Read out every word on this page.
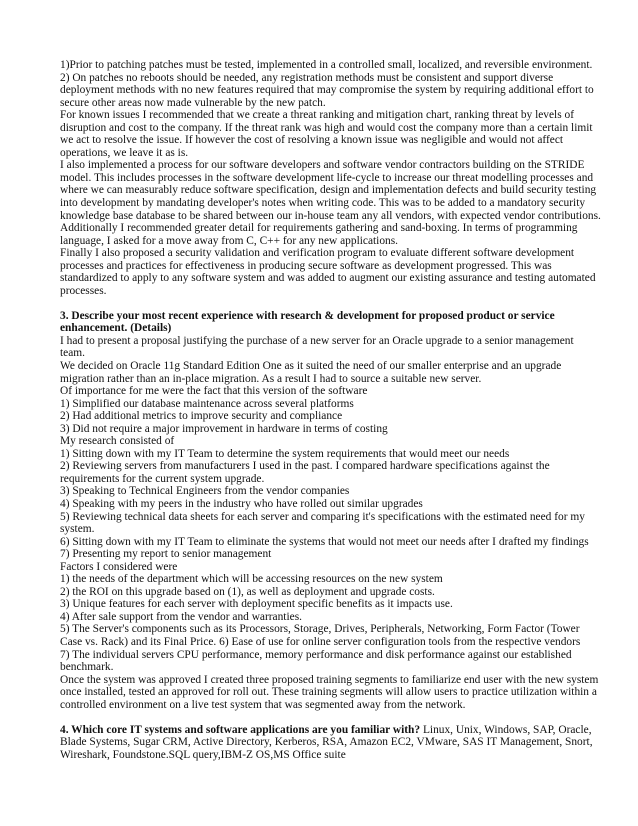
1)Prior to patching patches must be tested, implemented in a controlled small, localized, and reversible environment.
2) On patches no reboots should be needed, any registration methods must be consistent and support diverse
deployment methods with no new features required that may compromise the system by requiring additional effort to
secure other areas now made vulnerable by the new patch.
For known issues I recommended that we create a threat ranking and mitigation chart, ranking threat by levels of
disruption and cost to the company. If the threat rank was high and would cost the company more than a certain limit
we act to resolve the issue. If however the cost of resolving a known issue was negligible and would not affect
operations, we leave it as is.
I also implemented a process for our software developers and software vendor contractors building on the STRIDE
model. This includes processes in the software development life-cycle to increase our threat modelling processes and
where we can measurably reduce software specification, design and implementation defects and build security testing
into development by mandating developer's notes when writing code. This was to be added to a mandatory security
knowledge base database to be shared between our in-house team any all vendors, with expected vendor contributions.
Additionally I recommended greater detail for requirements gathering and sand-boxing. In terms of programming
language, I asked for a move away from C, C++ for any new applications.
Finally I also proposed a security validation and verification program to evaluate different software development
processes and practices for effectiveness in producing secure software as development progressed. This was
standardized to apply to any software system and was added to augment our existing assurance and testing automated
processes.
3. Describe your most recent experience with research & development for proposed product or service
enhancement. (Details)
I had to present a proposal justifying the purchase of a new server for an Oracle upgrade to a senior management
team.
We decided on Oracle 11g Standard Edition One as it suited the need of our smaller enterprise and an upgrade
migration rather than an in-place migration. As a result I had to source a suitable new server.
Of importance for me were the fact that this version of the software
1) Simplified our database maintenance across several platforms
2) Had additional metrics to improve security and compliance
3) Did not require a major improvement in hardware in terms of costing
My research consisted of
1) Sitting down with my IT Team to determine the system requirements that would meet our needs
2) Reviewing servers from manufacturers I used in the past. I compared hardware specifications against the
requirements for the current system upgrade.
3) Speaking to Technical Engineers from the vendor companies
4) Speaking with my peers in the industry who have rolled out similar upgrades
5) Reviewing technical data sheets for each server and comparing it's specifications with the estimated need for my
system.
6) Sitting down with my IT Team to eliminate the systems that would not meet our needs after I drafted my findings
7) Presenting my report to senior management
Factors I considered were
1) the needs of the department which will be accessing resources on the new system
2) the ROI on this upgrade based on (1), as well as deployment and upgrade costs.
3) Unique features for each server with deployment specific benefits as it impacts use.
4) After sale support from the vendor and warranties.
5) The Server's components such as its Processors, Storage, Drives, Peripherals, Networking, Form Factor (Tower
Case vs. Rack) and its Final Price. 6) Ease of use for online server configuration tools from the respective vendors
7) The individual servers CPU performance, memory performance and disk performance against our established
benchmark.
Once the system was approved I created three proposed training segments to familiarize end user with the new system
once installed, tested an approved for roll out. These training segments will allow users to practice utilization within a
controlled environment on a live test system that was segmented away from the network.
4. Which core IT systems and software applications are you familiar with? Linux, Unix, Windows, SAP, Oracle,
Blade Systems, Sugar CRM, Active Directory, Kerberos, RSA, Amazon EC2, VMware, SAS IT Management, Snort,
Wireshark, Foundstone.SQL query,IBM-Z OS,MS Office suite
